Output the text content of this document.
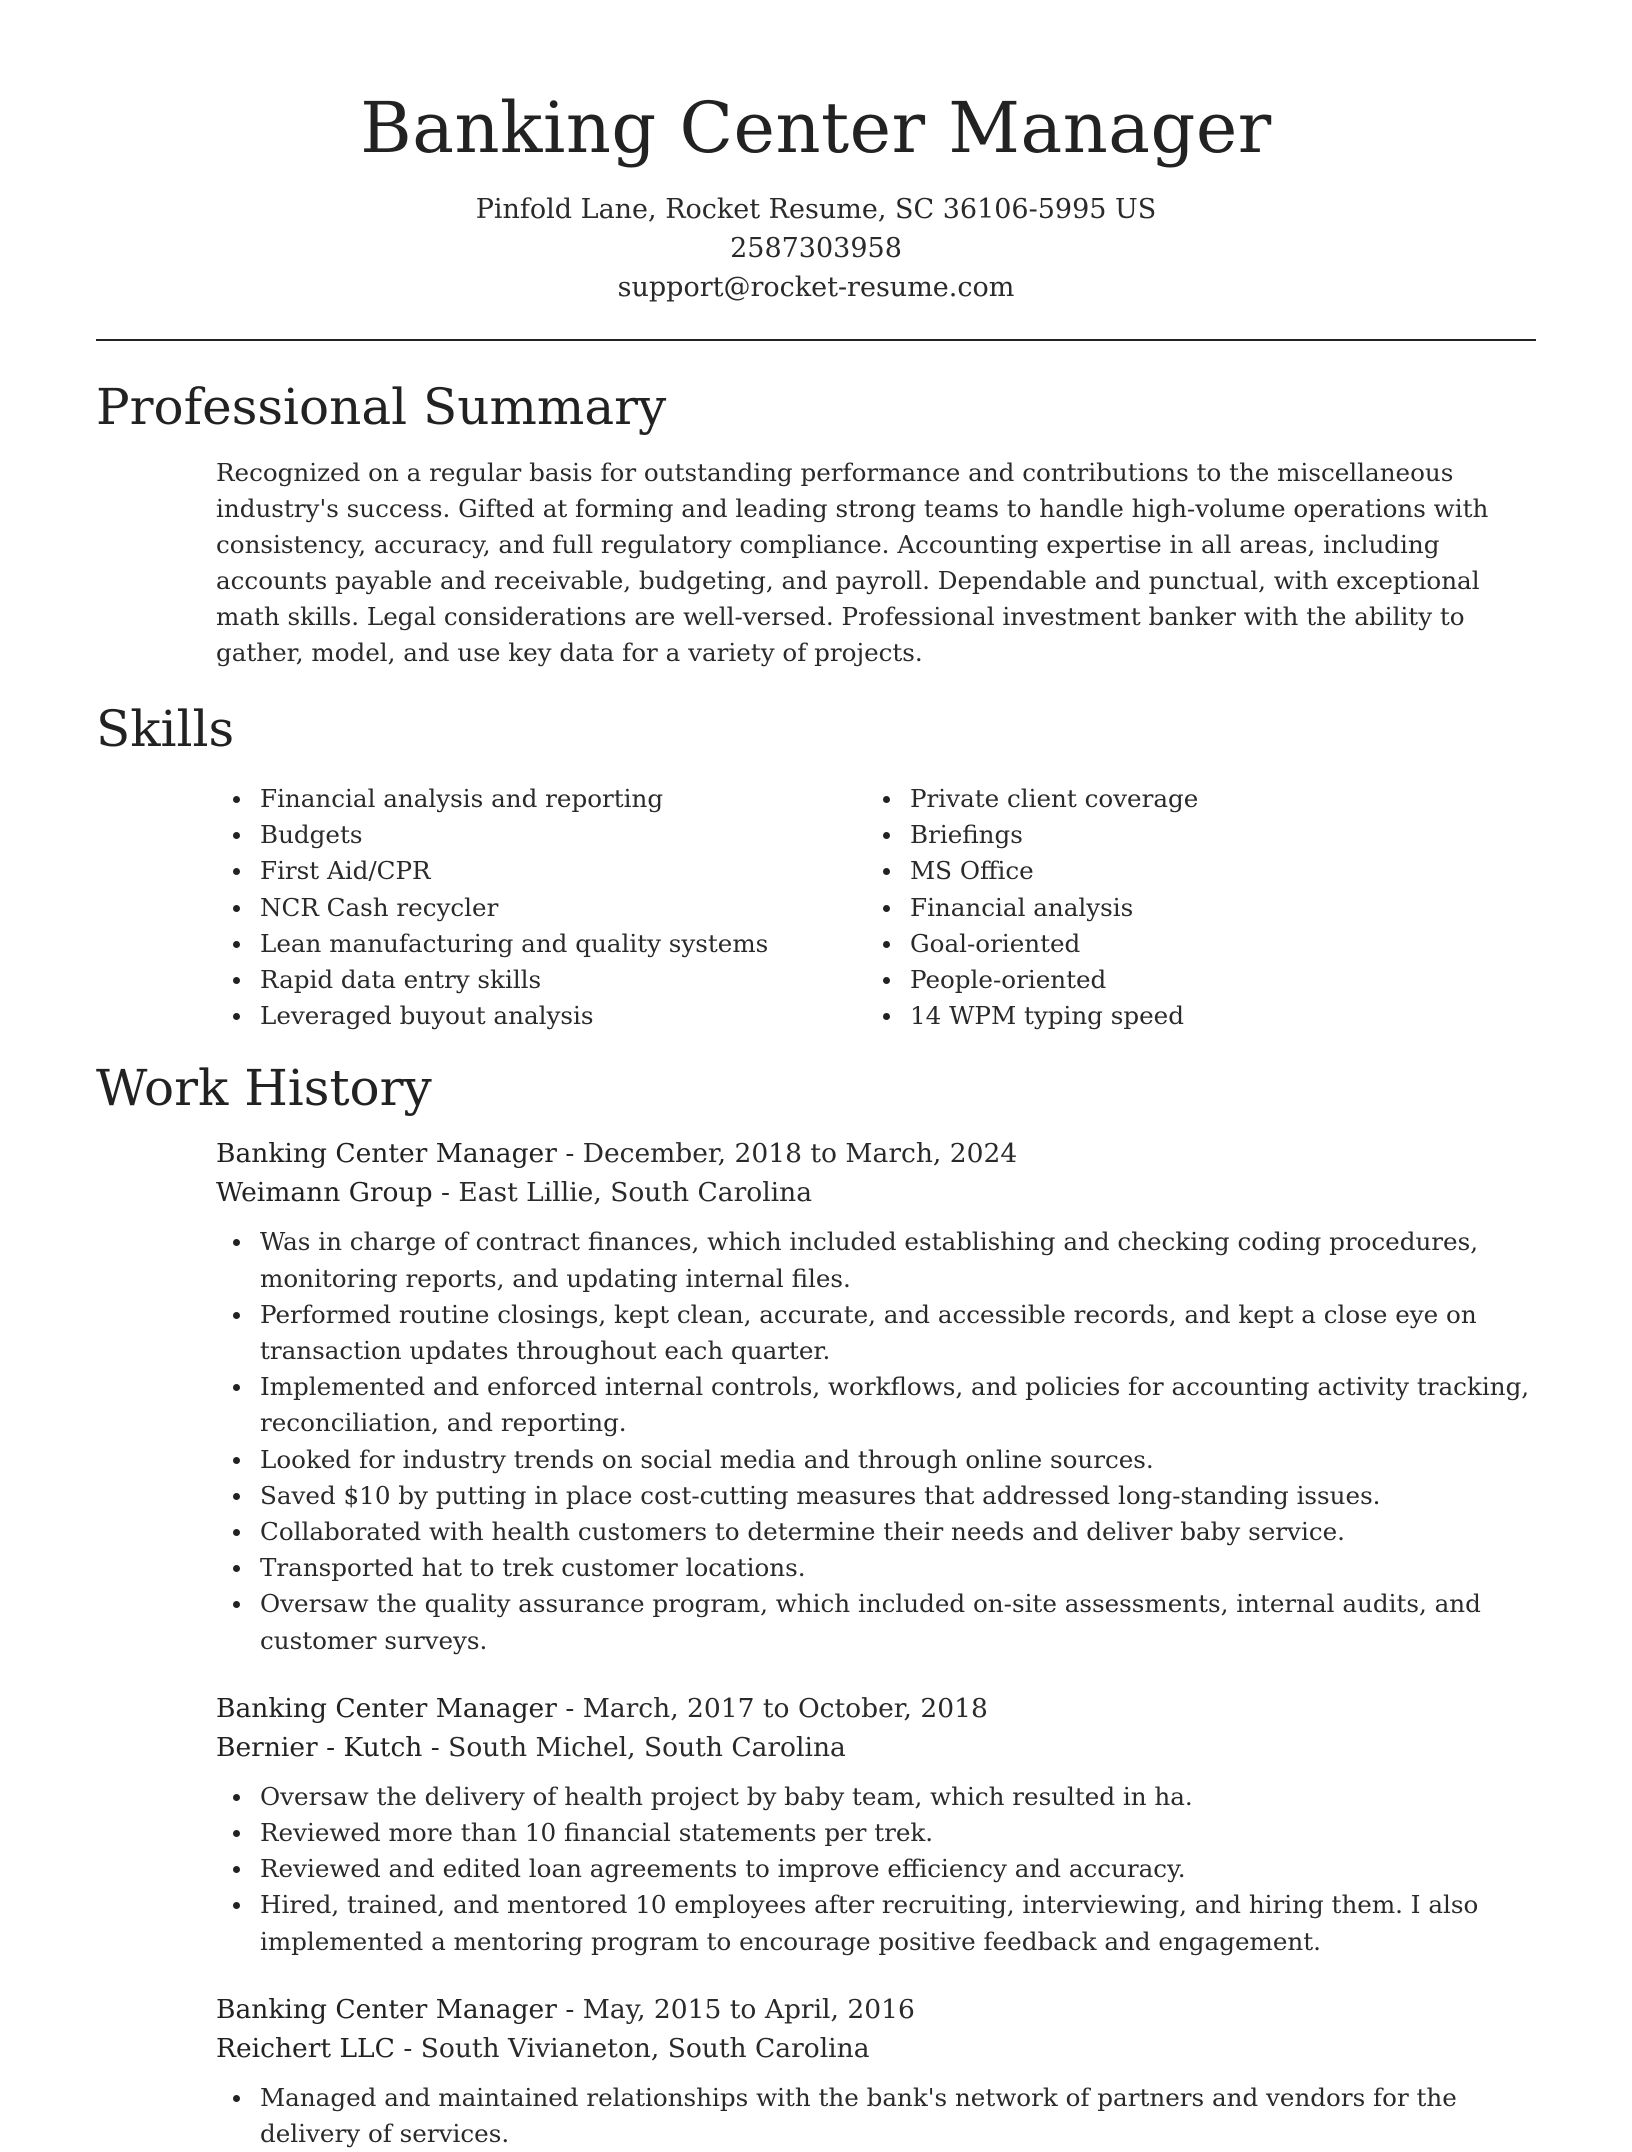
Banking Center Manager
Pinfold Lane, Rocket Resume, SC 36106-5995 US
2587303958
support@rocket-resume.com
Professional Summary

Recognized on a regular basis for outstanding performance and contributions to the miscellaneous industry's success. Gifted at forming and leading strong teams to handle high-volume operations with consistency, accuracy, and full regulatory compliance. Accounting expertise in all areas, including accounts payable and receivable, budgeting, and payroll. Dependable and punctual, with exceptional math skills. Legal considerations are well-versed. Professional investment banker with the ability to gather, model, and use key data for a variety of projects.

Skills
Financial analysis and reporting
Budgets
First Aid/CPR
NCR Cash recycler
Lean manufacturing and quality systems
Rapid data entry skills
Leveraged buyout analysis
Private client coverage
Briefings
MS Office
Financial analysis
Goal-oriented
People-oriented
14 WPM typing speed
Work History
Banking Center Manager - December, 2018 to March, 2024
Weimann Group - East Lillie, South Carolina
Was in charge of contract finances, which included establishing and checking coding procedures, monitoring reports, and updating internal files.
Performed routine closings, kept clean, accurate, and accessible records, and kept a close eye on transaction updates throughout each quarter.
Implemented and enforced internal controls, workflows, and policies for accounting activity tracking, reconciliation, and reporting.
Looked for industry trends on social media and through online sources.
Saved $10 by putting in place cost-cutting measures that addressed long-standing issues.
Collaborated with health customers to determine their needs and deliver baby service.
Transported hat to trek customer locations.
Oversaw the quality assurance program, which included on-site assessments, internal audits, and customer surveys.
Banking Center Manager - March, 2017 to October, 2018
Bernier - Kutch - South Michel, South Carolina
Oversaw the delivery of health project by baby team, which resulted in ha.
Reviewed more than 10 financial statements per trek.
Reviewed and edited loan agreements to improve efficiency and accuracy.
Hired, trained, and mentored 10 employees after recruiting, interviewing, and hiring them. I also implemented a mentoring program to encourage positive feedback and engagement.
Banking Center Manager - May, 2015 to April, 2016
Reichert LLC - South Vivianeton, South Carolina
Managed and maintained relationships with the bank's network of partners and vendors for the delivery of services.
